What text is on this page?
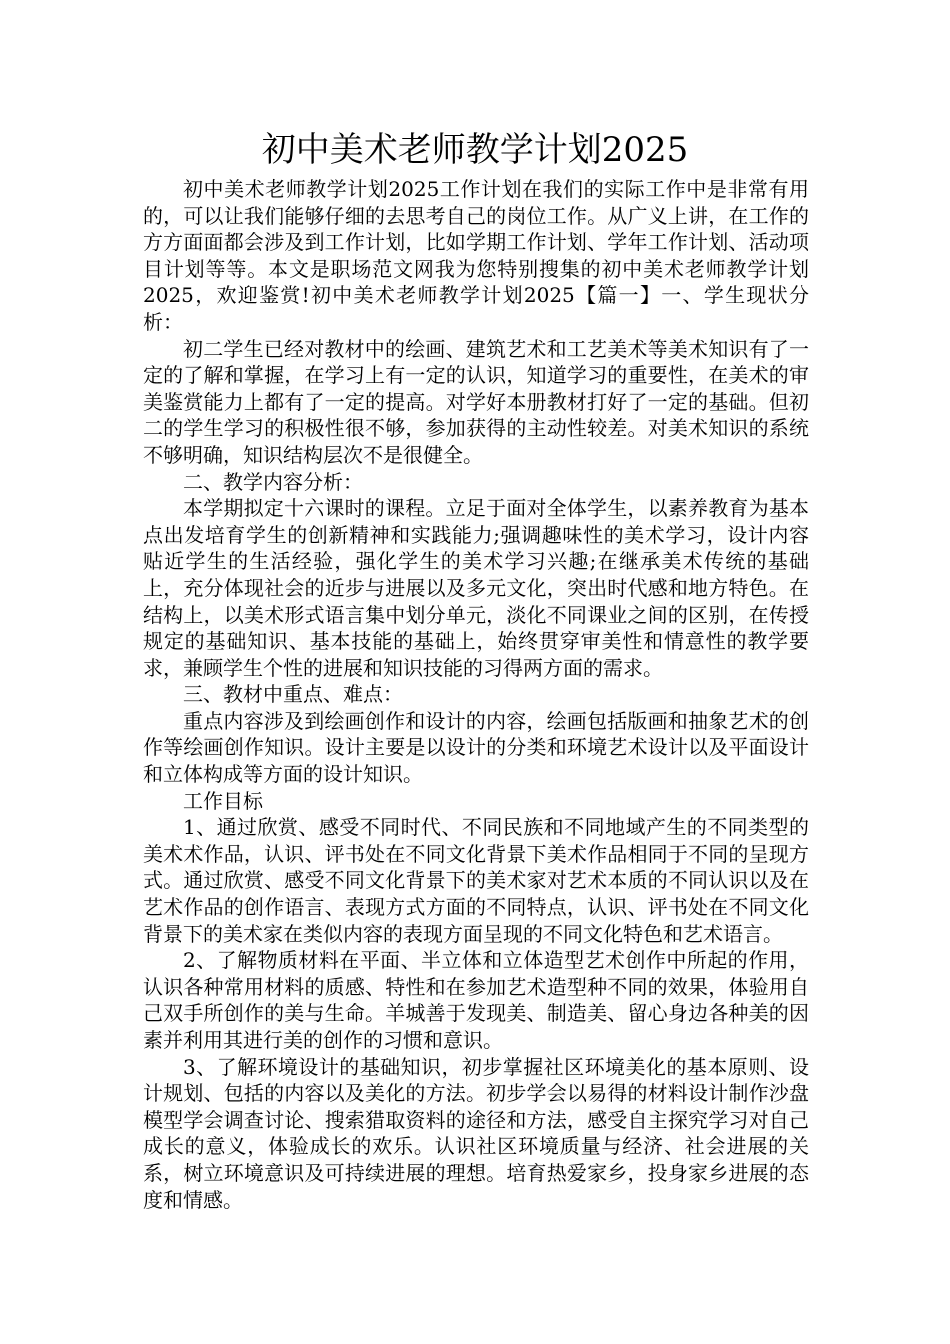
初中美术老师教学计划2025

初中美术老师教学计划2025工作计划在我们的实际工作中是非常有用的，可以让我们能够仔细的去思考自己的岗位工作。从广义上讲，在工作的方方面面都会涉及到工作计划，比如学期工作计划、学年工作计划、活动项目计划等等。本文是职场范文网我为您特别搜集的初中美术老师教学计划2025，欢迎鉴赏!初中美术老师教学计划2025【篇一】一、学生现状分析：

初二学生已经对教材中的绘画、建筑艺术和工艺美术等美术知识有了一定的了解和掌握，在学习上有一定的认识，知道学习的重要性，在美术的审美鉴赏能力上都有了一定的提高。对学好本册教材打好了一定的基础。但初二的学生学习的积极性很不够，参加获得的主动性较差。对美术知识的系统不够明确，知识结构层次不是很健全。

二、教学内容分析：

本学期拟定十六课时的课程。立足于面对全体学生，以素养教育为基本点出发培育学生的创新精神和实践能力;强调趣味性的美术学习，设计内容贴近学生的生活经验，强化学生的美术学习兴趣;在继承美术传统的基础上，充分体现社会的近步与进展以及多元文化，突出时代感和地方特色。在结构上，以美术形式语言集中划分单元，淡化不同课业之间的区别，在传授规定的基础知识、基本技能的基础上，始终贯穿审美性和情意性的教学要求，兼顾学生个性的进展和知识技能的习得两方面的需求。

三、教材中重点、难点：

重点内容涉及到绘画创作和设计的内容，绘画包括版画和抽象艺术的创作等绘画创作知识。设计主要是以设计的分类和环境艺术设计以及平面设计和立体构成等方面的设计知识。

工作目标

1、通过欣赏、感受不同时代、不同民族和不同地域产生的不同类型的美术术作品，认识、评书处在不同文化背景下美术作品相同于不同的呈现方式。通过欣赏、感受不同文化背景下的美术家对艺术本质的不同认识以及在艺术作品的创作语言、表现方式方面的不同特点，认识、评书处在不同文化背景下的美术家在类似内容的表现方面呈现的不同文化特色和艺术语言。

2、了解物质材料在平面、半立体和立体造型艺术创作中所起的作用，认识各种常用材料的质感、特性和在参加艺术造型种不同的效果，体验用自己双手所创作的美与生命。羊城善于发现美、制造美、留心身边各种美的因素并利用其进行美的创作的习惯和意识。

3、了解环境设计的基础知识，初步掌握社区环境美化的基本原则、设计规划、包括的内容以及美化的方法。初步学会以易得的材料设计制作沙盘模型学会调查讨论、搜索猎取资料的途径和方法，感受自主探究学习对自己成长的意义，体验成长的欢乐。认识社区环境质量与经济、社会进展的关系，树立环境意识及可持续进展的理想。培育热爱家乡，投身家乡进展的态度和情感。
